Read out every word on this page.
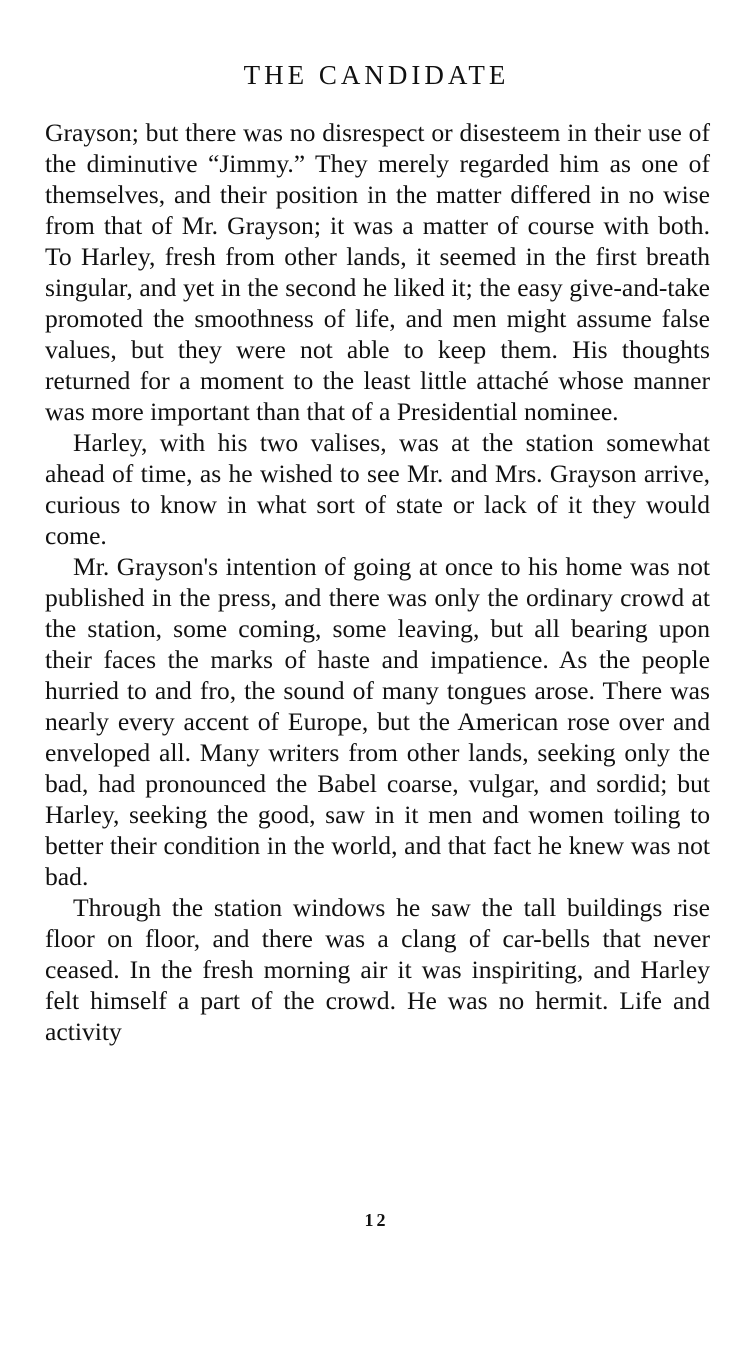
THE CANDIDATE

Grayson; but there was no disrespect or disesteem in their use of the diminutive “Jimmy.” They merely regarded him as one of themselves, and their position in the matter differed in no wise from that of Mr. Grayson; it was a matter of course with both. To Harley, fresh from other lands, it seemed in the first breath singular, and yet in the second he liked it; the easy give-and-take promoted the smoothness of life, and men might assume false values, but they were not able to keep them. His thoughts returned for a moment to the least little attaché whose manner was more important than that of a Presidential nominee.

Harley, with his two valises, was at the station somewhat ahead of time, as he wished to see Mr. and Mrs. Grayson arrive, curious to know in what sort of state or lack of it they would come.

Mr. Grayson's intention of going at once to his home was not published in the press, and there was only the ordinary crowd at the station, some coming, some leaving, but all bearing upon their faces the marks of haste and impatience. As the people hurried to and fro, the sound of many tongues arose. There was nearly every accent of Europe, but the American rose over and enveloped all. Many writers from other lands, seeking only the bad, had pronounced the Babel coarse, vulgar, and sordid; but Harley, seeking the good, saw in it men and women toiling to better their condition in the world, and that fact he knew was not bad.

Through the station windows he saw the tall buildings rise floor on floor, and there was a clang of car-bells that never ceased. In the fresh morning air it was inspiriting, and Harley felt himself a part of the crowd. He was no hermit. Life and activity

12
